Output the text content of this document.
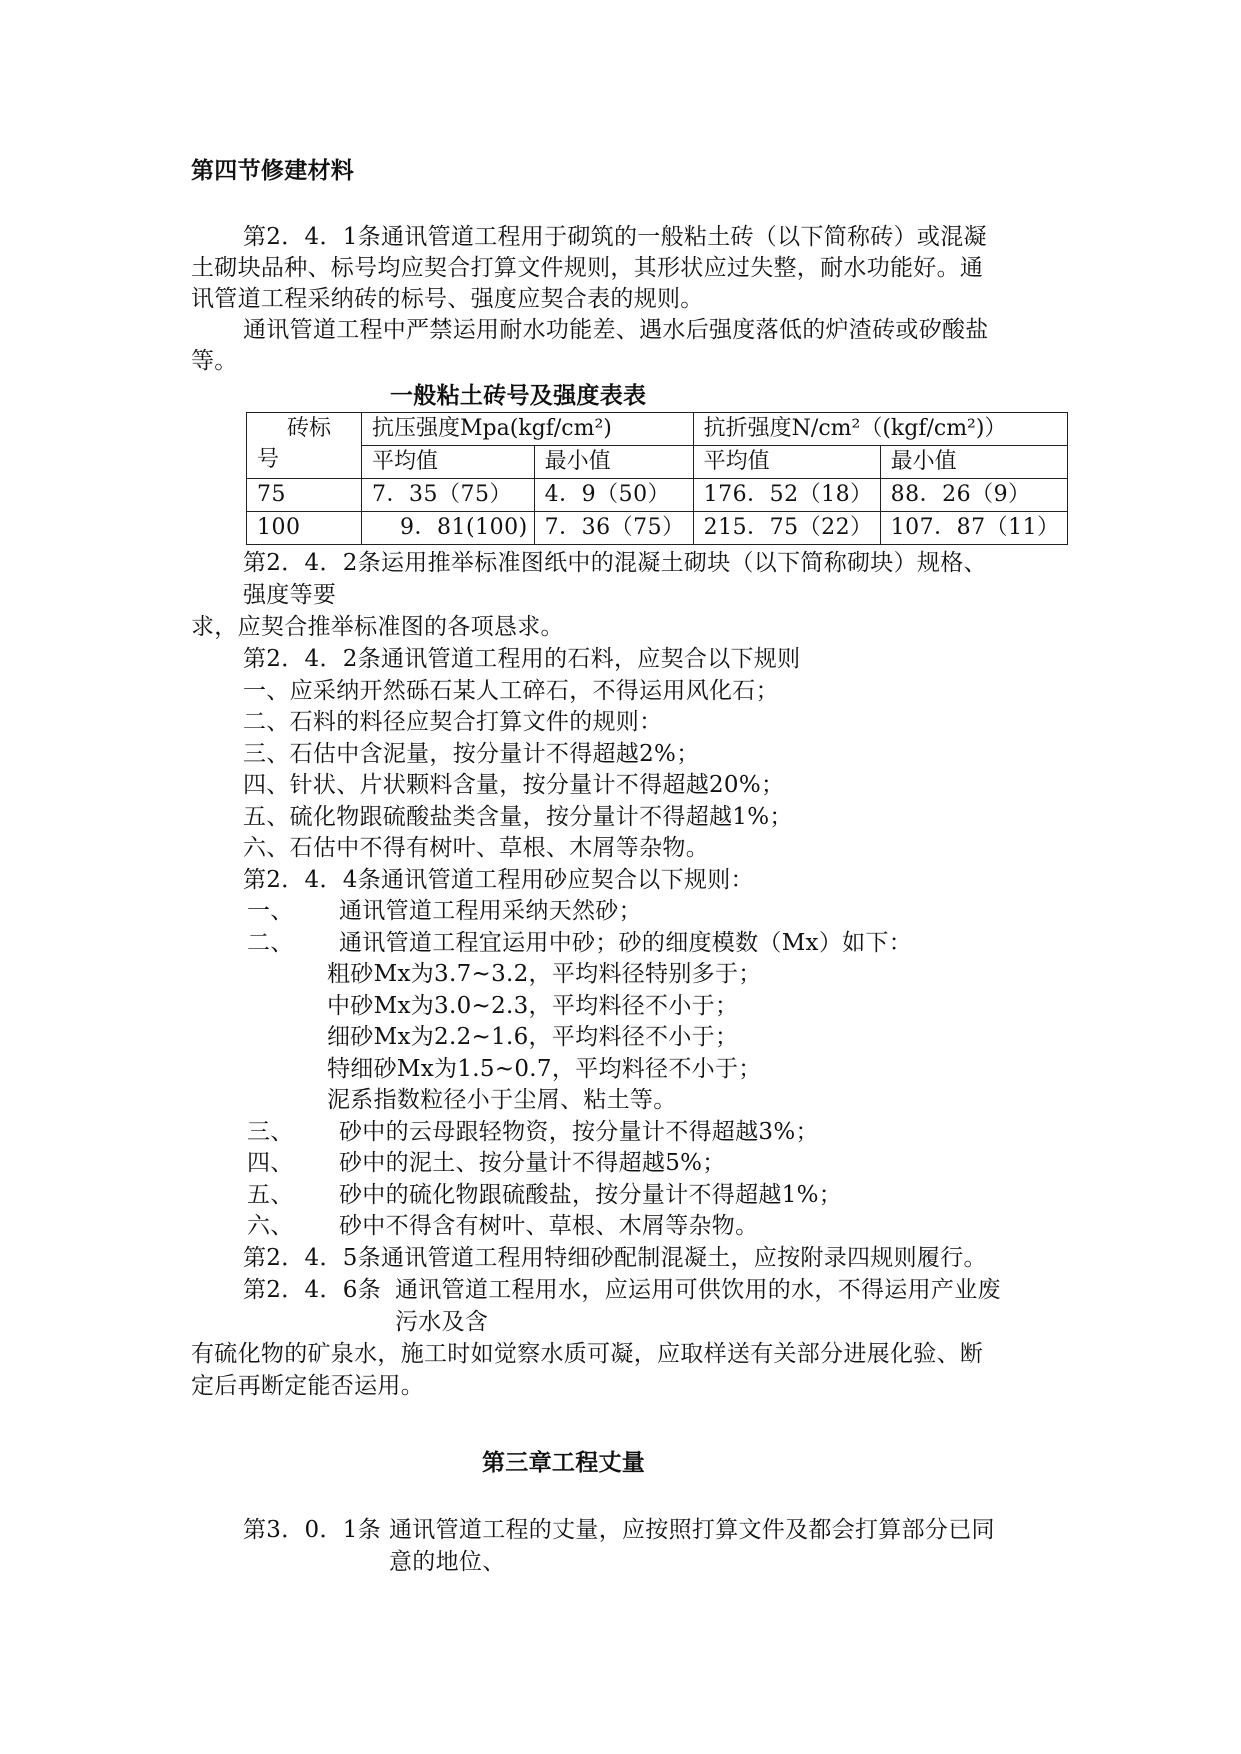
第四节修建材料
第2．4．1条通讯管道工程用于砌筑的一般粘土砖（以下简称砖）或混凝
土砌块品种、标号均应契合打算文件规则，其形状应过失整，耐水功能好。通
讯管道工程采纳砖的标号、强度应契合表的规则。
通讯管道工程中严禁运用耐水功能差、遇水后强度落低的炉渣砖或矽酸盐
等。
一般粘土砖号及强度表表
砖标
号	抗压强度Mpa(kgf/cm²)		抗折强度N/cm²（(kgf/cm²)）	
	平均值	最小值	平均值	最小值
75	7．35（75）	4．9（50）	176．52（18）	88．26（9）
100	9．81(100)	7．36（75）	215．75（22）	107．87（11）
第2．4．2条运用推举标准图纸中的混凝土砌块（以下简称砌块）规格、
强度等要
求，应契合推举标准图的各项恳求。
第2．4．2条通讯管道工程用的石料，应契合以下规则
一、应采纳开然砾石某人工碎石，不得运用风化石；
二、石料的料径应契合打算文件的规则：
三、石估中含泥量，按分量计不得超越2%；
四、针状、片状颗料含量，按分量计不得超越20%；
五、硫化物跟硫酸盐类含量，按分量计不得超越1%；
六、石估中不得有树叶、草根、木屑等杂物。
第2．4．4条通讯管道工程用砂应契合以下规则：
一、 通讯管道工程用采纳天然砂；
二、 通讯管道工程宜运用中砂；砂的细度模数（Mx）如下：
粗砂Mx为3.7~3.2，平均料径特别多于；
中砂Mx为3.0~2.3，平均料径不小于；
细砂Mx为2.2~1.6，平均料径不小于；
特细砂Mx为1.5~0.7，平均料径不小于；
泥系指数粒径小于尘屑、粘土等。
三、 砂中的云母跟轻物资，按分量计不得超越3%；
四、 砂中的泥土、按分量计不得超越5%；
五、 砂中的硫化物跟硫酸盐，按分量计不得超越1%；
六、 砂中不得含有树叶、草根、木屑等杂物。
第2．4．5条通讯管道工程用特细砂配制混凝土，应按附录四规则履行。
第2．4．6条 通讯管道工程用水，应运用可供饮用的水，不得运用产业废
污水及含
有硫化物的矿泉水，施工时如觉察水质可凝，应取样送有关部分进展化验、断
定后再断定能否运用。
第三章工程丈量
第3．0．1条 通讯管道工程的丈量，应按照打算文件及都会打算部分已同
意的地位、
